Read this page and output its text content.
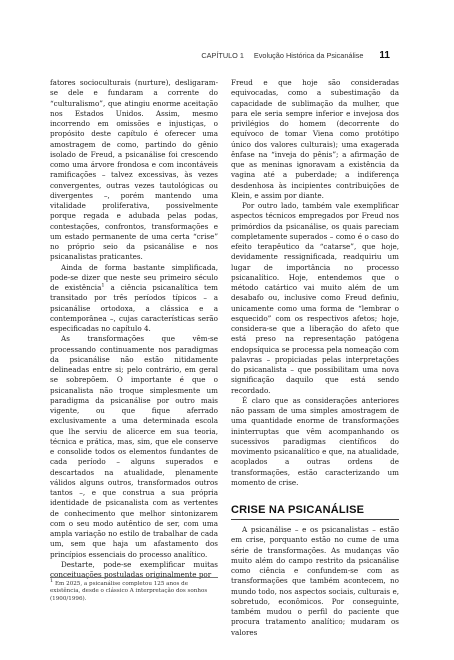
CAPÍTULO 1 Evolução Histórica da Psicanálise 11

fatores socioculturais (nurture), desligaram-se dele e fundaram a corrente do “culturalismo”, que atingiu enorme aceitação nos Estados Unidos. Assim, mesmo incorrendo em omissões e injustiças, o propósito deste capítulo é oferecer uma amostragem de como, partindo do gênio isolado de Freud, a psicanálise foi crescendo como uma árvore frondosa e com incontáveis ramificações – talvez excessivas, às vezes convergentes, outras vezes tautológicas ou divergentes –, porém mantendo uma vitalidade proliferativa, possivelmente porque regada e adubada pelas podas, contestações, confrontos, transformações e um estado permanente de uma certa “crise” no próprio seio da psicanálise e nos psicanalistas praticantes.

Ainda de forma bastante simplificada, pode-se dizer que neste seu primeiro século de existência$^1$ a ciência psicanalítica tem transitado por três períodos típicos – a psicanálise ortodoxa, a clássica e a contemporânea –, cujas características serão especificadas no capítulo 4.

As transformações que vêm-se processando continuamente nos paradigmas da psicanálise não estão nitidamente delineadas entre si; pelo contrário, em geral se sobrepõem. O importante é que o psicanalista não troque simplesmente um paradigma da psicanálise por outro mais vigente, ou que fique aferrado exclusivamente a uma determinada escola que lhe serviu de alicerce em sua teoria, técnica e prática, mas, sim, que ele conserve e consolide todos os elementos fundantes de cada período – alguns superados e descartados na atualidade, plenamente válidos alguns outros, transformados outros tantos –, e que construa a sua própria identidade de psicanalista com as vertentes de conhecimento que melhor sintonizarem com o seu modo autêntico de ser, com uma ampla variação no estilo de trabalhar de cada um, sem que haja um afastamento dos princípios essenciais do processo analítico.

Destarte, pode-se exemplificar muitas conceituações postuladas originalmente por

$^1$ Em 2025, a psicanálise completou 125 anos de existência, desde o clássico A interpretação dos sonhos (1900/1996).

Freud e que hoje são consideradas equivocadas, como a subestimação da capacidade de sublimação da mulher, que para ele seria sempre inferior e invejosa dos privilégios do homem (decorrente do equívoco de tomar Viena como protótipo único dos valores culturais); uma exagerada ênfase na “inveja do pênis”; a afirmação de que as meninas ignoravam a existência da vagina até a puberdade; a indiferença desdenhosa às incipientes contribuições de Klein, e assim por diante.

Por outro lado, também vale exemplificar aspectos técnicos empregados por Freud nos primórdios da psicanálise, os quais pareciam completamente superados – como é o caso do efeito terapêutico da “catarse”, que hoje, devidamente ressignificada, readquiriu um lugar de importância no processo psicanalítico. Hoje, entendemos que o método catártico vai muito além de um desabafo ou, inclusive como Freud definiu, unicamente como uma forma de “lembrar o esquecido” com os respectivos afetos; hoje, considera-se que a liberação do afeto que está preso na representação patógena endopsíquica se processa pela nomeação com palavras – propiciadas pelas interpretações do psicanalista – que possibilitam uma nova significação daquilo que está sendo recordado.

É claro que as considerações anteriores não passam de uma simples amostragem de uma quantidade enorme de transformações ininterruptas que vêm acompanhando os sucessivos paradigmas científicos do movimento psicanalítico e que, na atualidade, acoplados a outras ordens de transformações, estão caracterizando um momento de crise.

CRISE NA PSICANÁLISE

A psicanálise – e os psicanalistas – estão em crise, porquanto estão no cume de uma série de transformações. As mudanças vão muito além do campo restrito da psicanálise como ciência e confundem-se com as transformações que também acontecem, no mundo todo, nos aspectos sociais, culturais e, sobretudo, econômicos. Por conseguinte, também mudou o perfil do paciente que procura tratamento analítico; mudaram os valores
